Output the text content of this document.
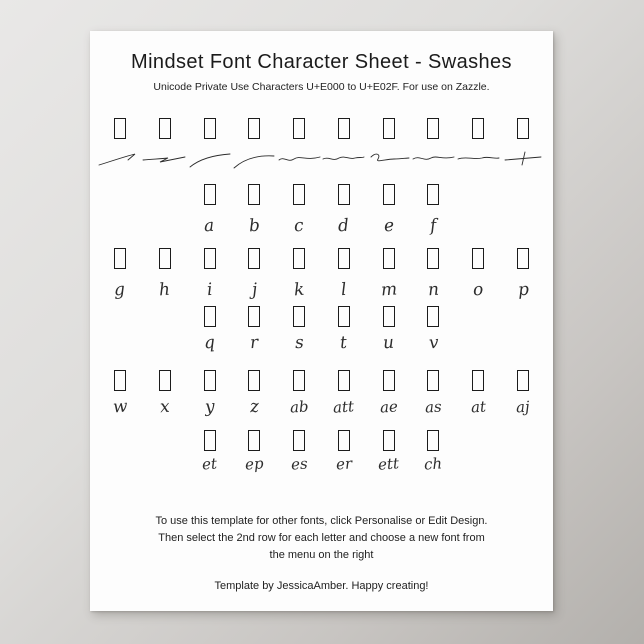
Mindset Font Character Sheet - Swashes
Unicode Private Use Characters U+E000 to U+E02F. For use on Zazzle.
a b c d e f
g h i j k l m n o p
q r s t u v
w x y z ab att ae as at aj
et ep es er ett ch
To use this template for other fonts, click Personalise or Edit Design.
Then select the 2nd row for each letter and choose a new font from
the menu on the right
Template by JessicaAmber. Happy creating!
